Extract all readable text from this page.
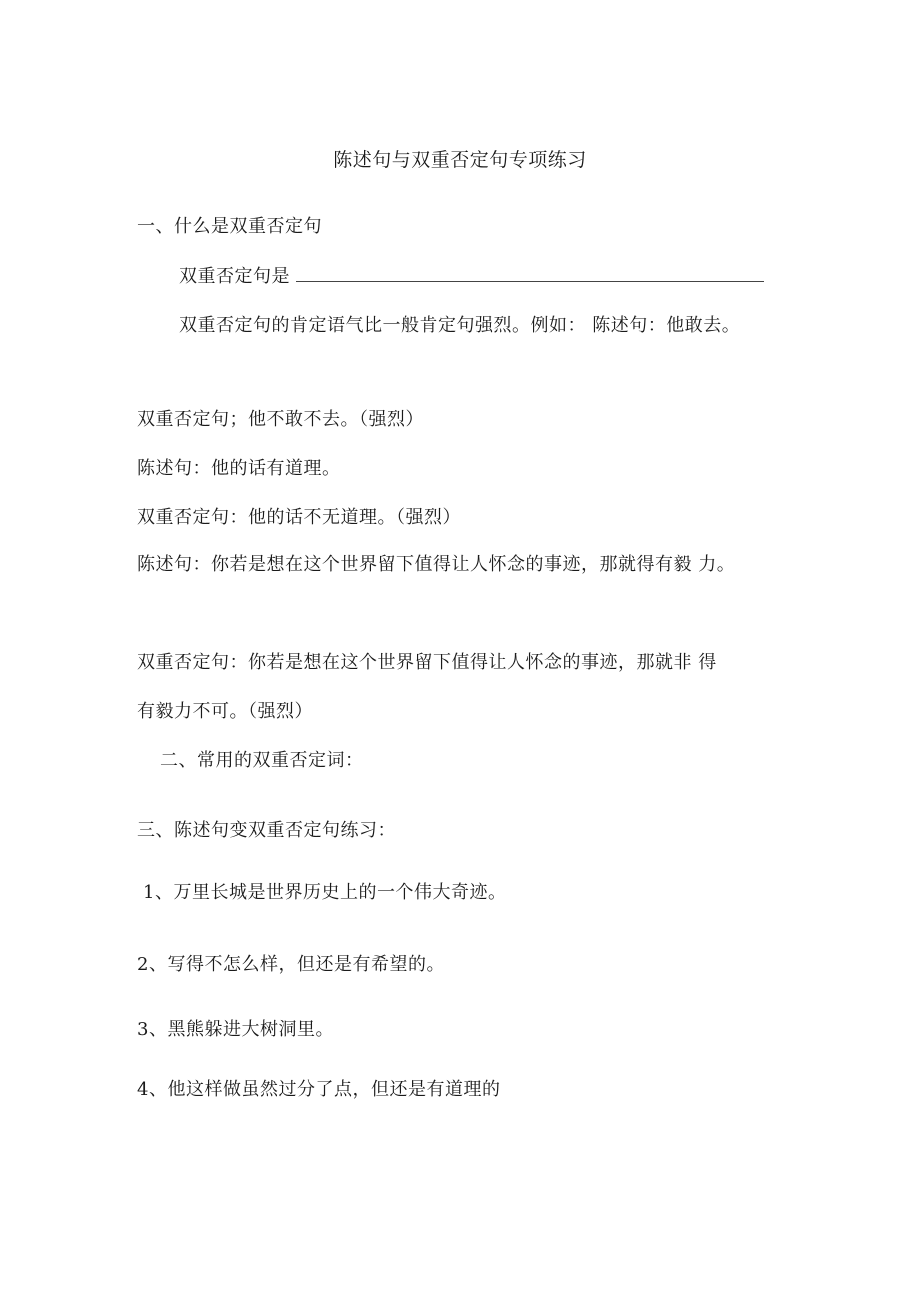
陈述句与双重否定句专项练习
一、什么是双重否定句
双重否定句是
双重否定句的肯定语气比一般肯定句强烈。例如： 陈述句：他敢去。
双重否定句；他不敢不去。（强烈）
陈述句：他的话有道理。
双重否定句：他的话不无道理。（强烈）
陈述句：你若是想在这个世界留下值得让人怀念的事迹，那就得有毅 力。
双重否定句：你若是想在这个世界留下值得让人怀念的事迹，那就非 得
有毅力不可。（强烈）
二、常用的双重否定词：
三、陈述句变双重否定句练习：
1、万里长城是世界历史上的一个伟大奇迹。
2、写得不怎么样，但还是有希望的。
3、黑熊躲进大树洞里。
4、他这样做虽然过分了点，但还是有道理的
